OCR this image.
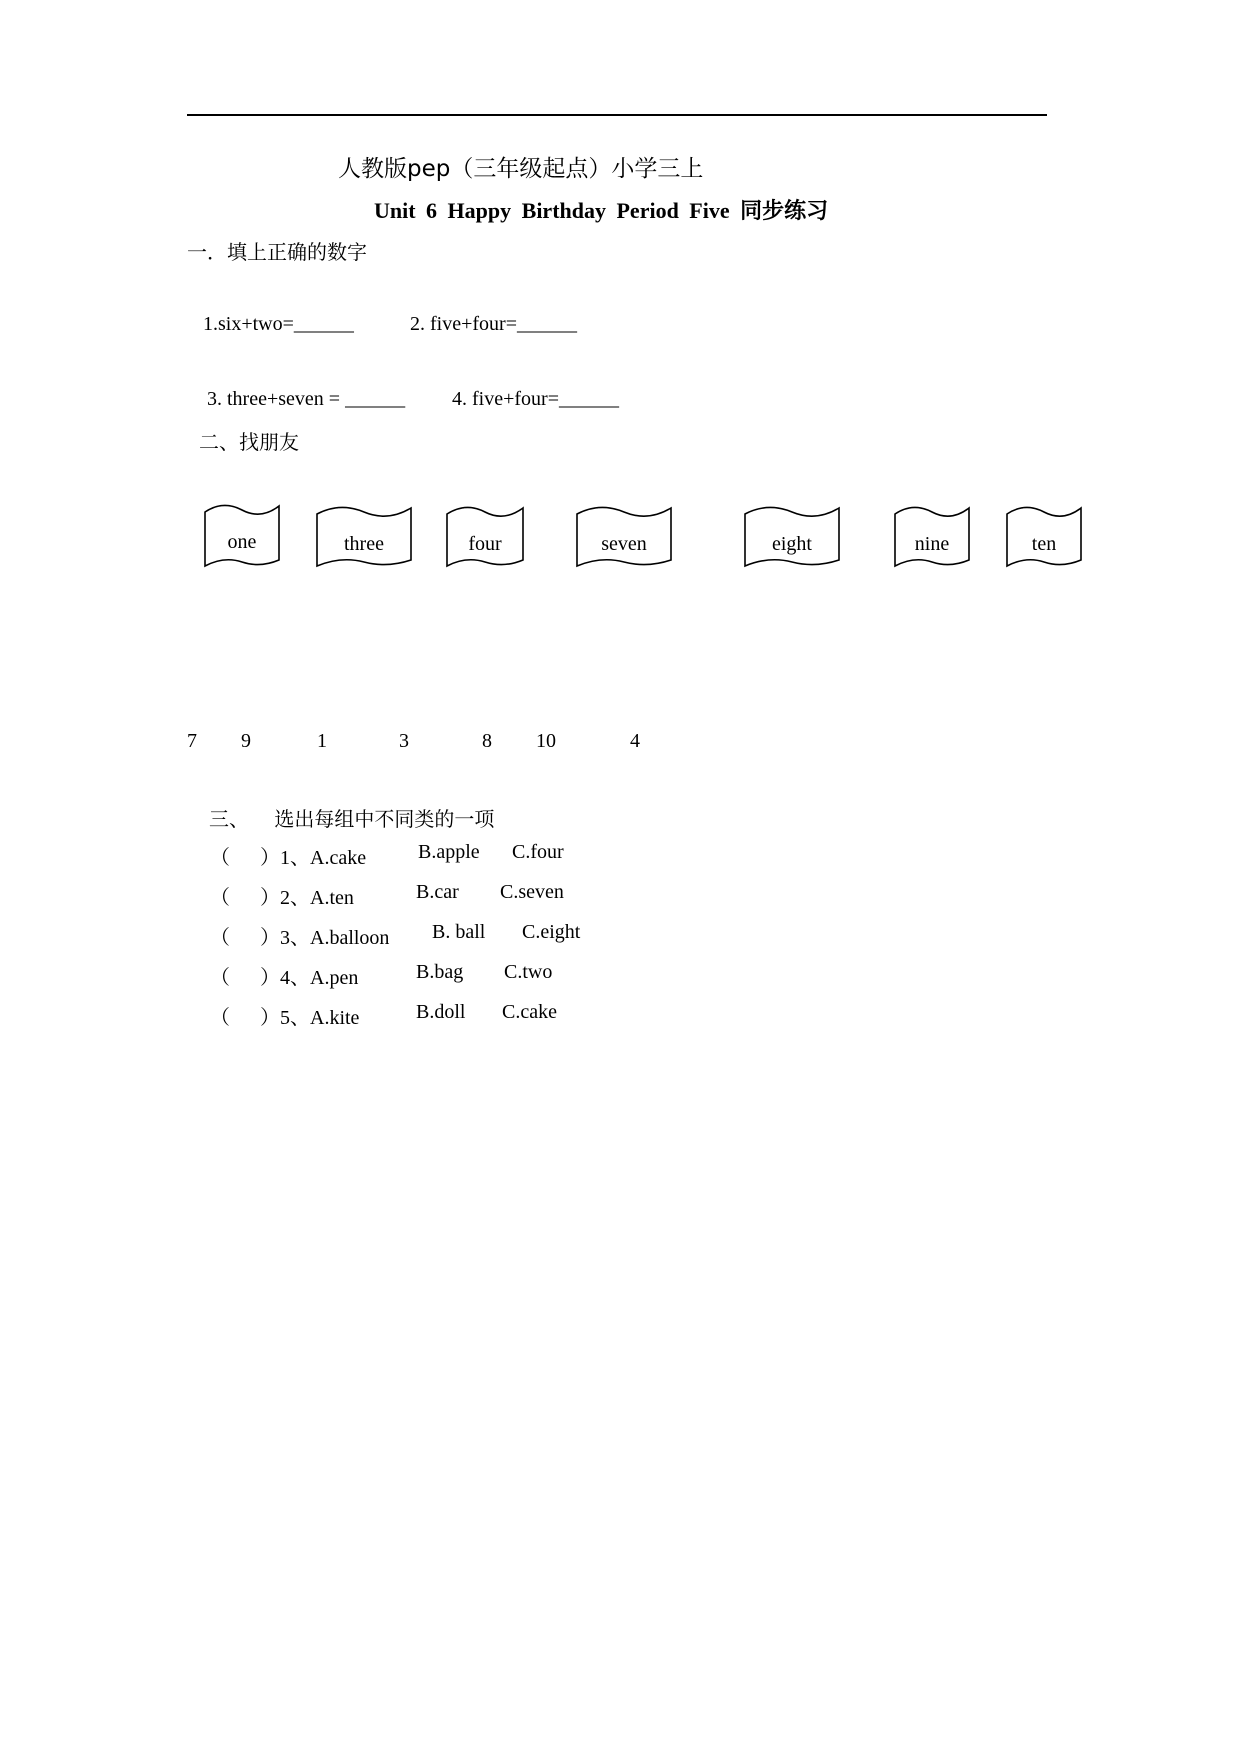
人教版pep（三年级起点）小学三上
Unit 6 Happy Birthday Period Five 同步练习
一．填上正确的数字
1.six+two=______	2. five+four=______
3. three+seven = ______ 4. five+four=______
二、找朋友
one	three	four	seven	eight	nine	ten
7 9	1	3	8 10	4
三、    选出每组中不同类的一项
（      ）1、A.cake	B.apple C.four
（      ）2、A.ten	B.car C.seven
（      ）3、A.balloon B. ball C.eight
（      ）4、A.pen	B.bag C.two
（      ）5、A.kite	B.doll C.cake
